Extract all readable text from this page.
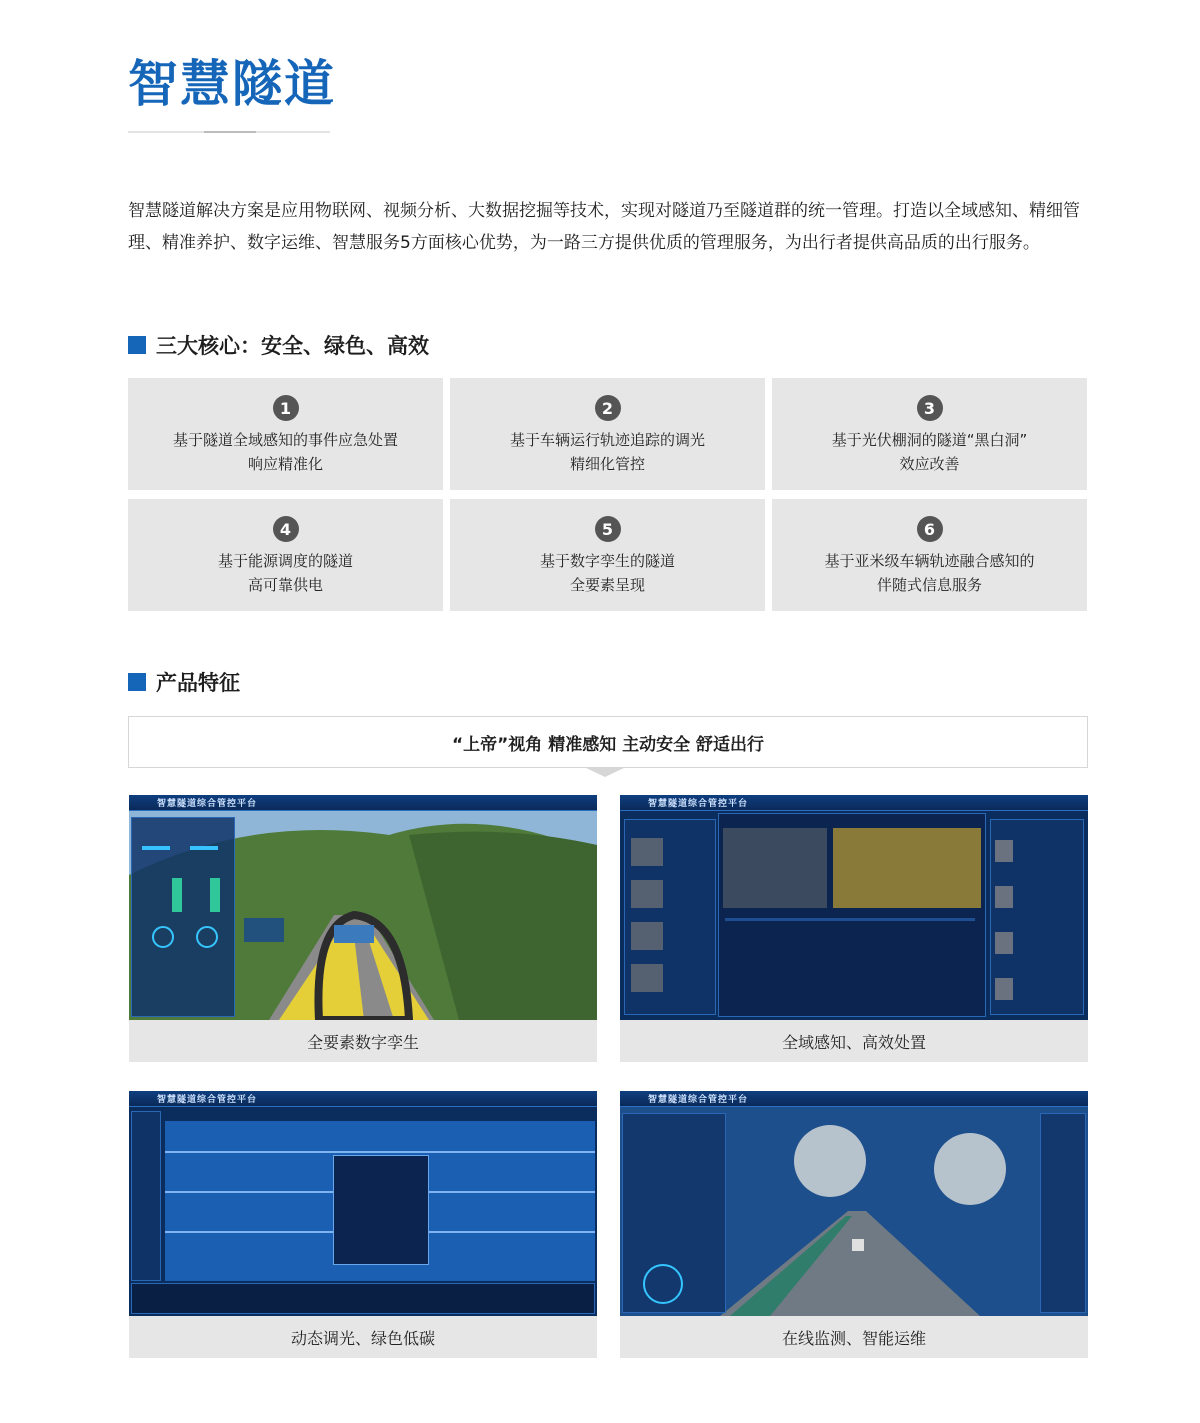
智慧隧道

智慧隧道解决方案是应用物联网、视频分析、大数据挖掘等技术，实现对隧道乃至隧道群的统一管理。打造以全域感知、精细管理、精准养护、数字运维、智慧服务5方面核心优势，为一路三方提供优质的管理服务，为出行者提供高品质的出行服务。

三大核心：安全、绿色、高效
1
基于隧道全域感知的事件应急处置
响应精准化
2
基于车辆运行轨迹追踪的调光
精细化管控
3
基于光伏棚洞的隧道“黑白洞”
效应改善
4
基于能源调度的隧道
高可靠供电
5
基于数字孪生的隧道
全要素呈现
6
基于亚米级车辆轨迹融合感知的
伴随式信息服务
产品特征
“上帝”视角 精准感知 主动安全 舒适出行
智慧隧道综合管控平台
全要素数字孪生
智慧隧道综合管控平台
全域感知、高效处置
智慧隧道综合管控平台
动态调光、绿色低碳
智慧隧道综合管控平台
在线监测、智能运维
